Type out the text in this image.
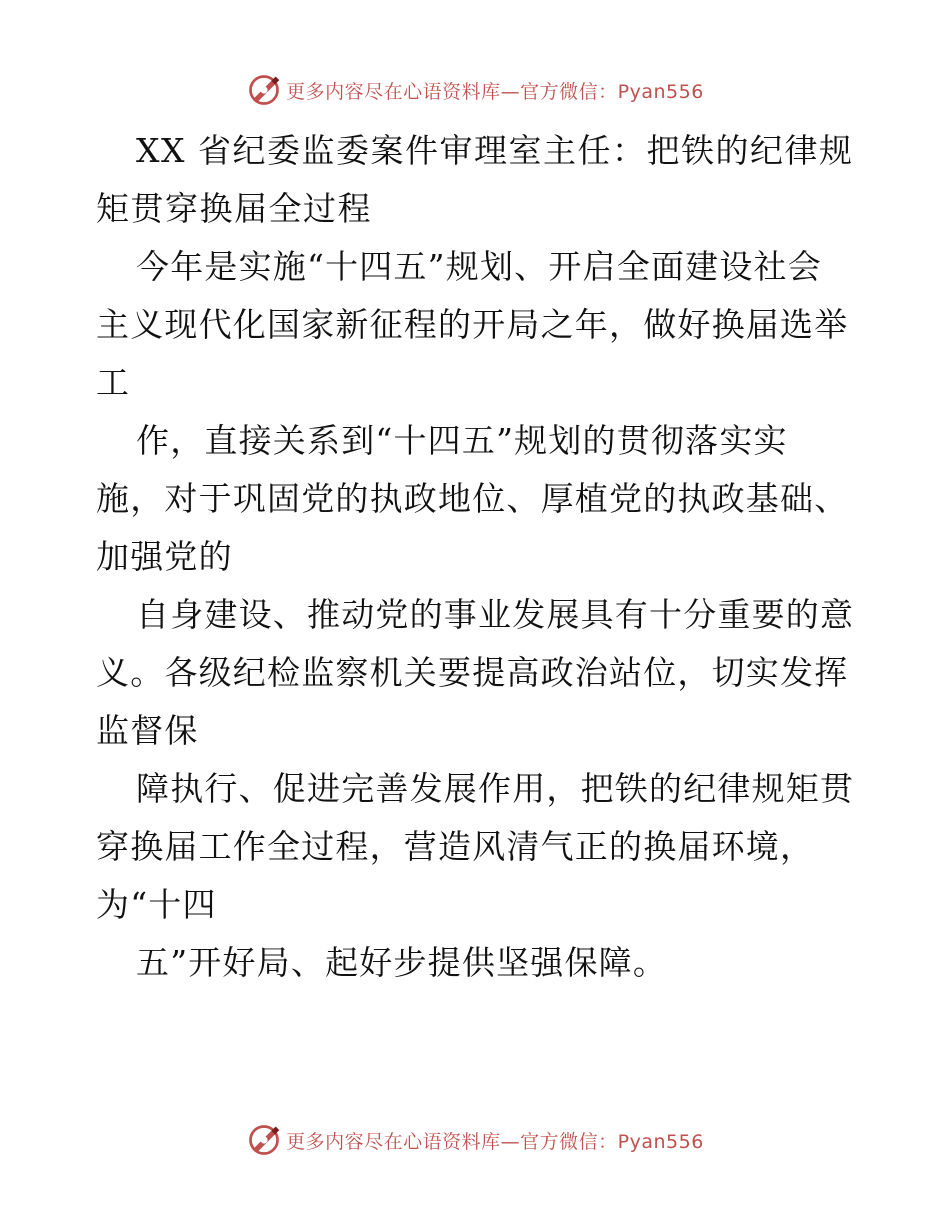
更多内容尽在心语资料库—官方微信：Pyan556
XX 省纪委监委案件审理室主任：把铁的纪律规
矩贯穿换届全过程
今年是实施“十四五”规划、开启全面建设社会
主义现代化国家新征程的开局之年，做好换届选举
工
作，直接关系到“十四五”规划的贯彻落实实
施，对于巩固党的执政地位、厚植党的执政基础、
加强党的
自身建设、推动党的事业发展具有十分重要的意
义。各级纪检监察机关要提高政治站位，切实发挥
监督保
障执行、促进完善发展作用，把铁的纪律规矩贯
穿换届工作全过程，营造风清气正的换届环境，
为“十四
五”开好局、起好步提供坚强保障。
更多内容尽在心语资料库—官方微信：Pyan556
